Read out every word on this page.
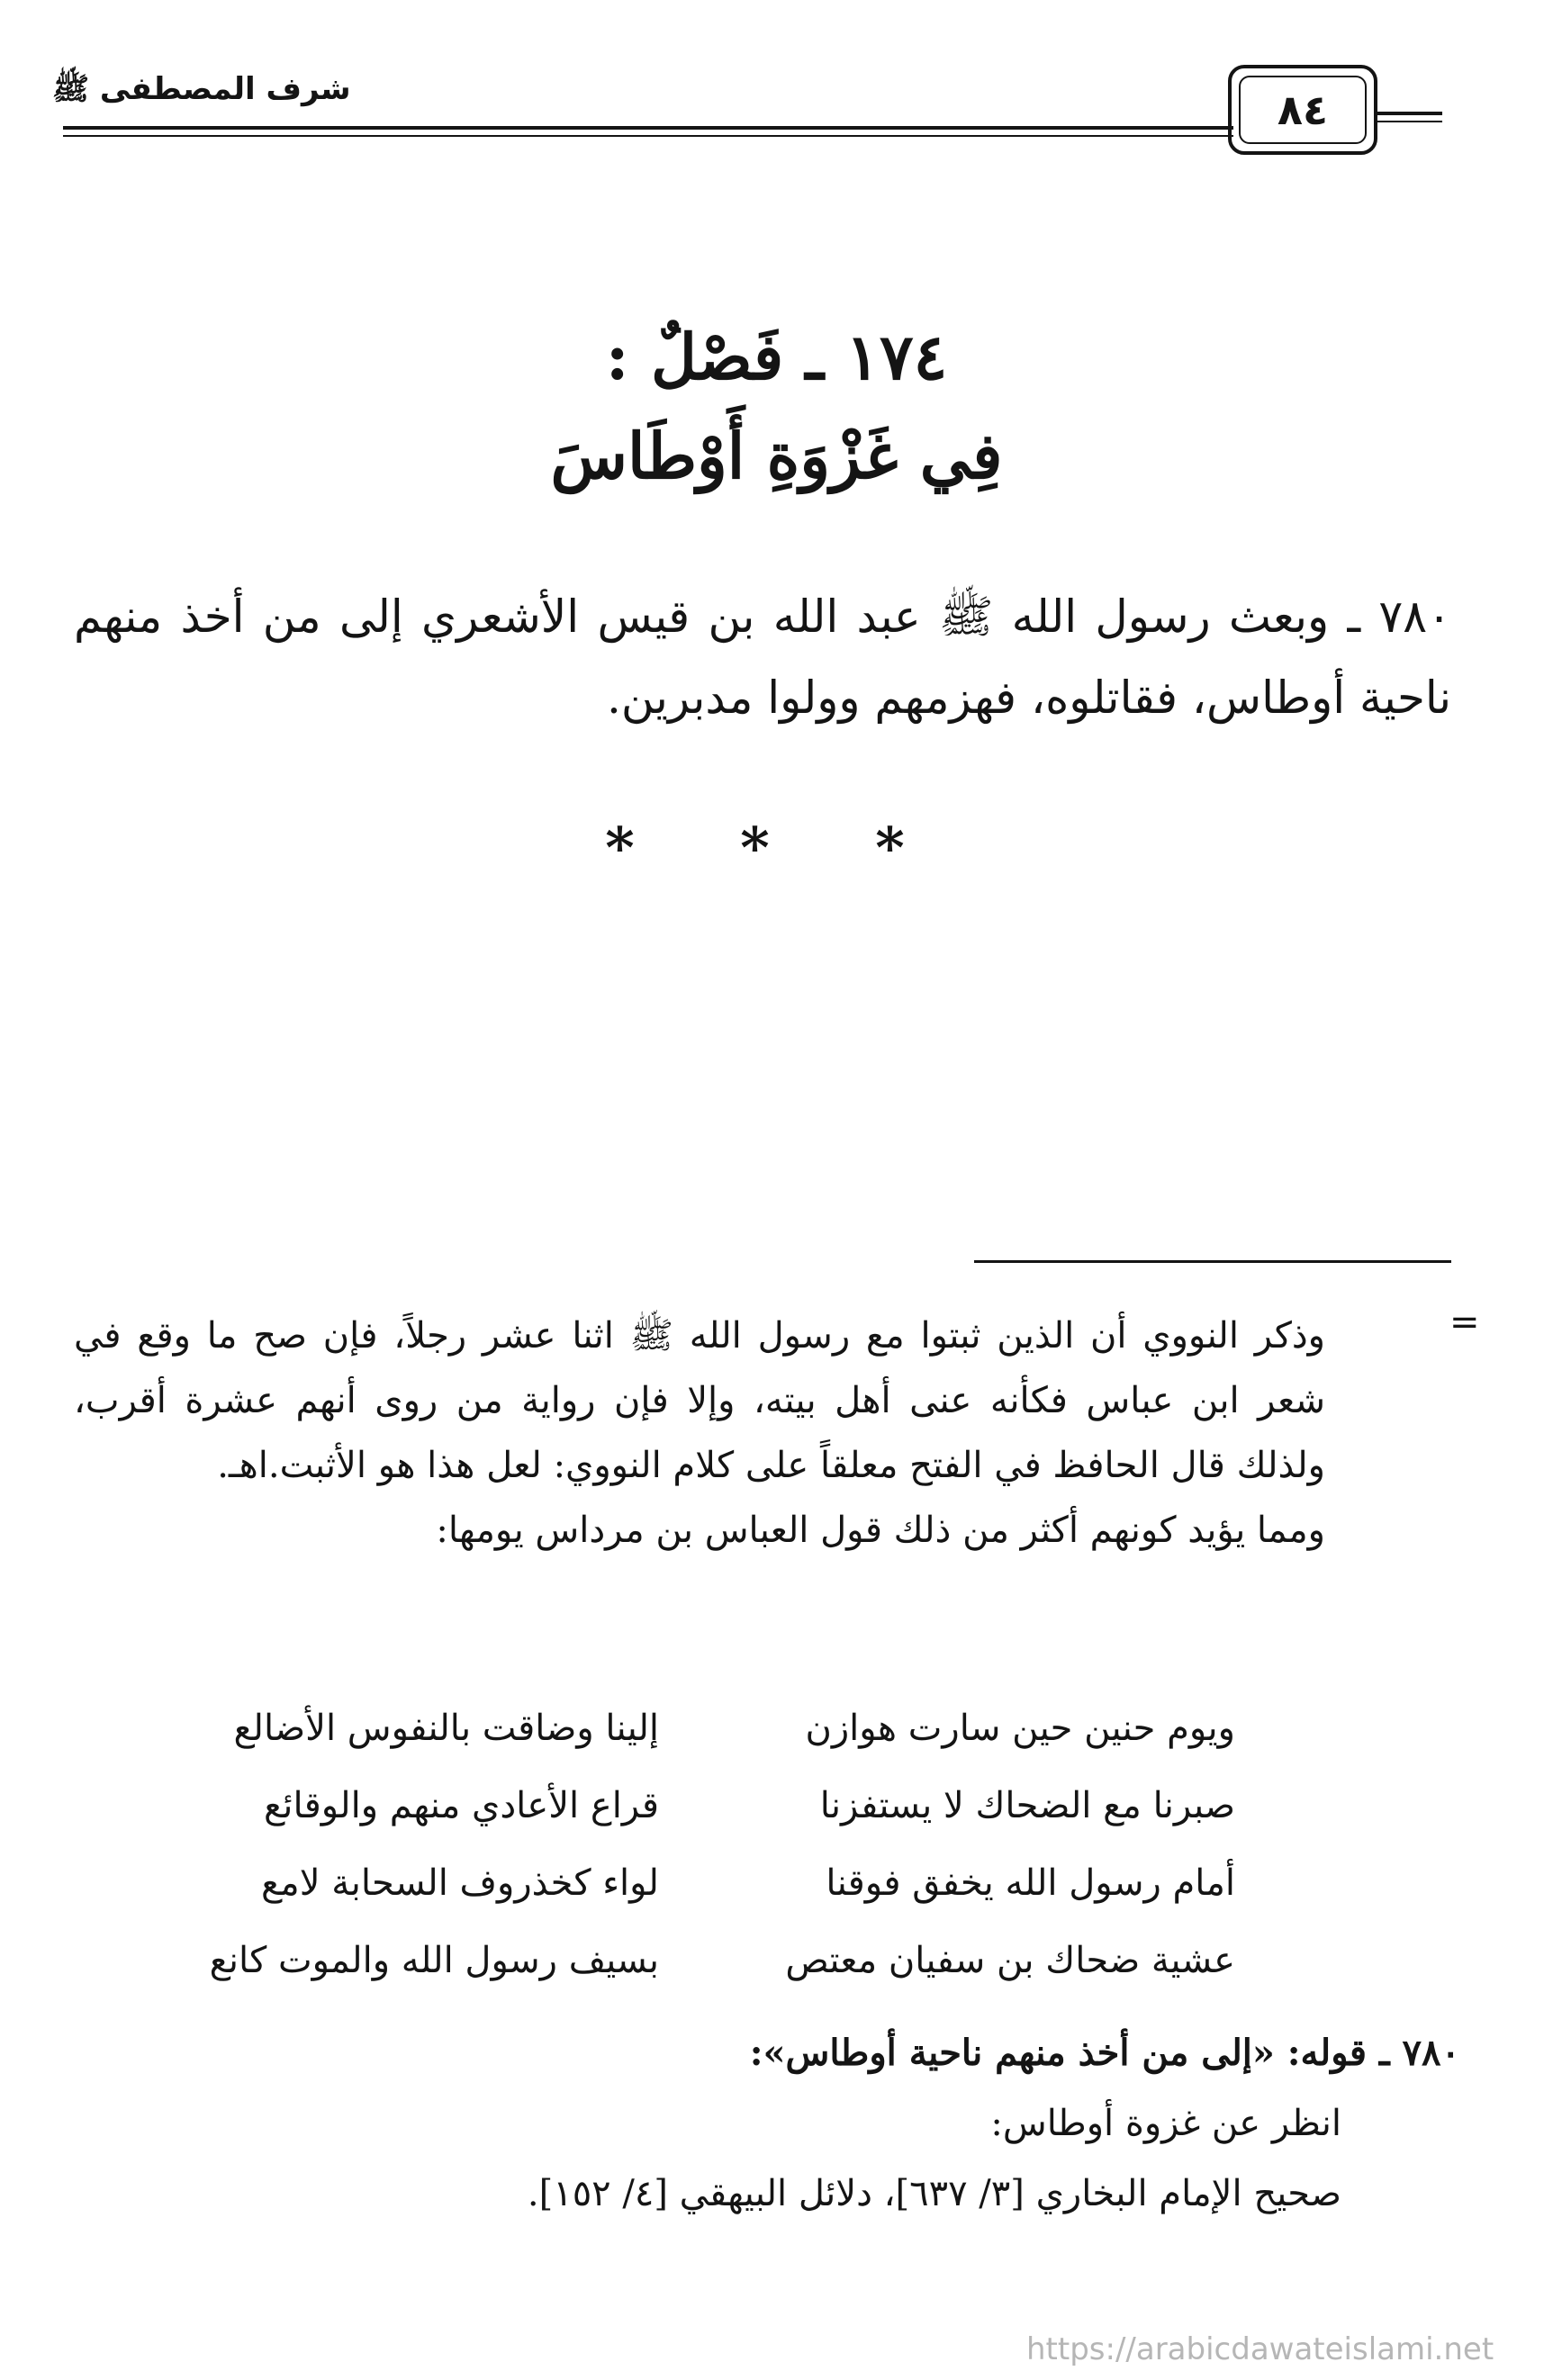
شرف المصطفى ﷺ	٨٤
١٧٤ ـ فَصْلٌ :
فِي غَزْوَةِ أَوْطَاسَ
٧٨٠ ـ وبعث رسول الله ﷺ عبد الله بن قيس الأشعري إلى من أخذ منهم ناحية أوطاس، فقاتلوه، فهزمهم وولوا مدبرين.
* * *
=

وذكر النووي أن الذين ثبتوا مع رسول الله ﷺ اثنا عشر رجلاً، فإن صح ما وقع في شعر ابن عباس فكأنه عنى أهل بيته، وإلا فإن رواية من روى أنهم عشرة أقرب، ولذلك قال الحافظ في الفتح معلقاً على كلام النووي: لعل هذا هو الأثبت.اهـ.

ومما يؤيد كونهم أكثر من ذلك قول العباس بن مرداس يومها:

ويوم حنين حين سارت هوازن
إلينا وضاقت بالنفوس الأضالع
صبرنا مع الضحاك لا يستفزنا
قراع الأعادي منهم والوقائع
أمام رسول الله يخفق فوقنا
لواء كخذروف السحابة لامع
عشية ضحاك بن سفيان معتص
بسيف رسول الله والموت كانع

٧٨٠ ـ قوله: «إلى من أخذ منهم ناحية أوطاس»:

انظر عن غزوة أوطاس:

صحيح الإمام البخاري [٣/ ٦٣٧]، دلائل البيهقي [٤/ ١٥٢].

https://arabicdawateislami.net
